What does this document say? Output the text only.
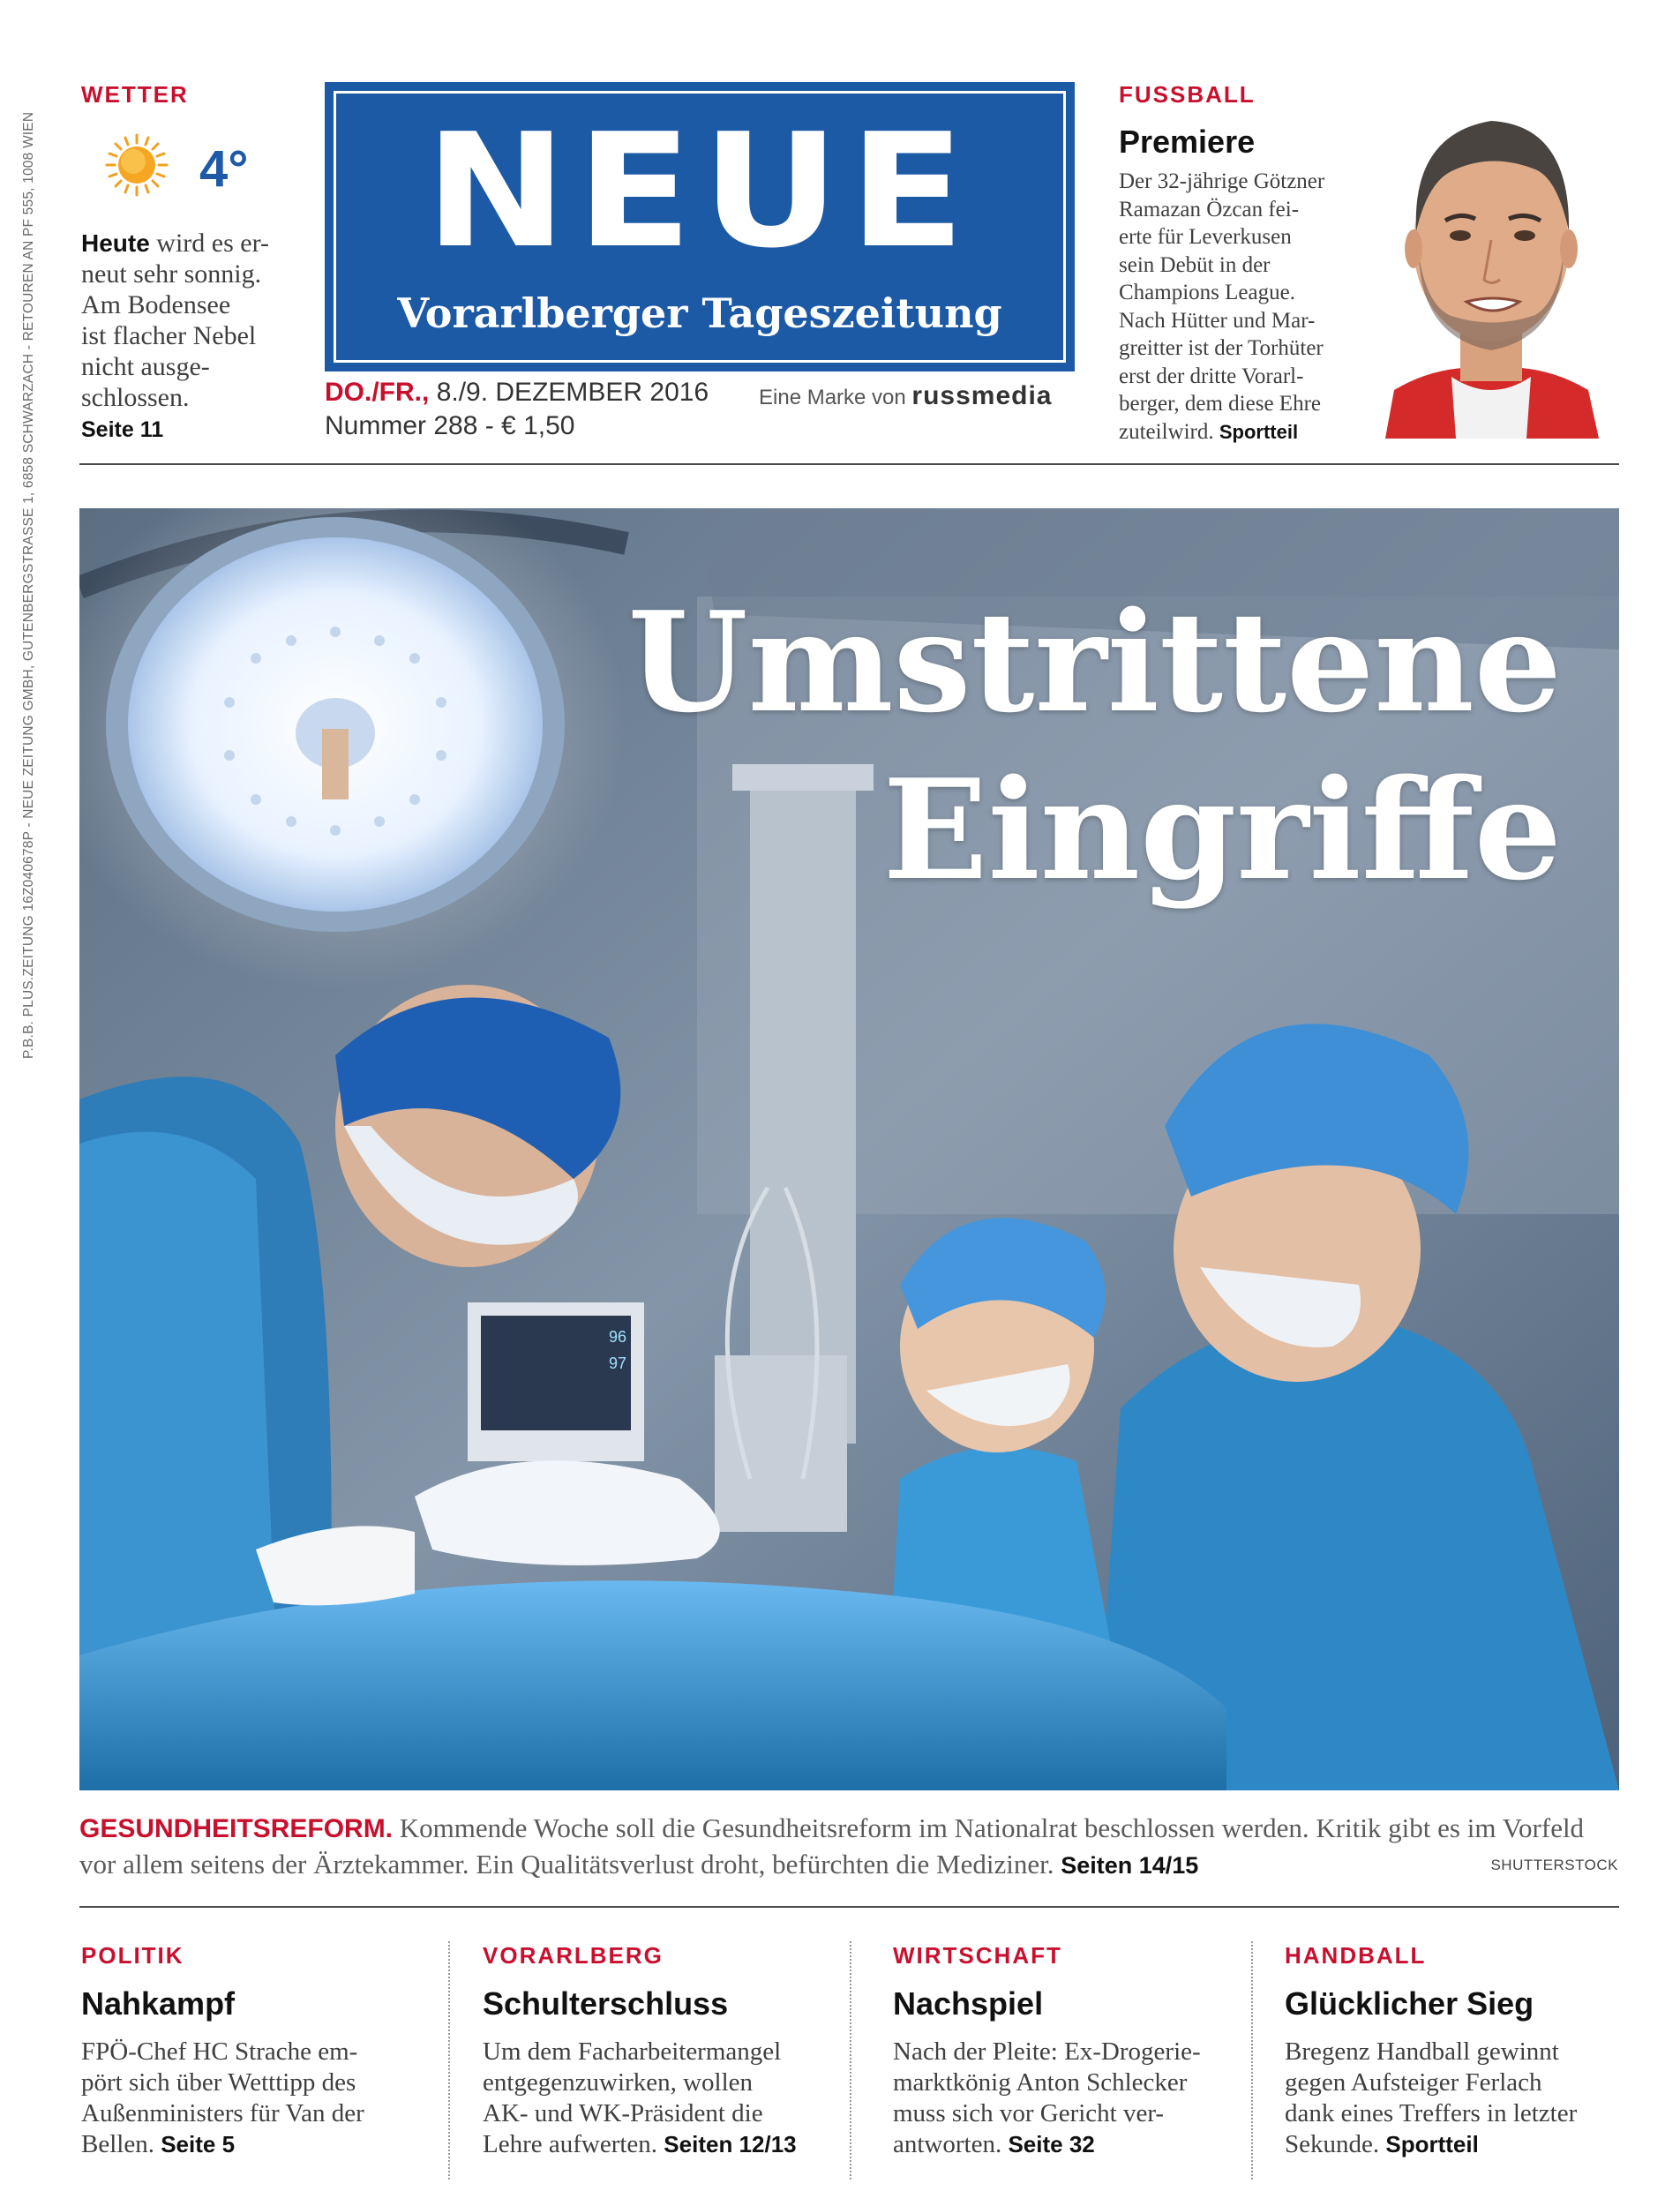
P.B.B. PLUS.ZEITUNG 16Z040678P - NEUE ZEITUNG GMBH, GUTENBERGSTRASSE 1, 6858 SCHWARZACH - RETOUREN AN PF 555, 1008 WIEN
WETTER
4°
Heute wird es er-
neut sehr sonnig.
Am Bodensee
ist flacher Nebel
nicht ausge-
schlossen.
Seite 11
NEUE
Vorarlberger Tageszeitung
DO./FR., 8./9. DEZEMBER 2016
Nummer 288 - € 1,50
Eine Marke von russmedia
FUSSBALL
Premiere
Der 32-jährige Götzner
Ramazan Özcan fei-
erte für Leverkusen
sein Debüt in der
Champions League.
Nach Hütter und Mar-
greitter ist der Torhüter
erst der dritte Vorarl-
berger, dem diese Ehre
zuteilwird. Sportteil
96
97
Umstrittene
Eingriffe
GESUNDHEITSREFORM. Kommende Woche soll die Gesundheitsreform im Nationalrat beschlossen werden. Kritik gibt es im Vorfeld vor allem seitens der Ärztekammer. Ein Qualitätsverlust droht, befürchten die Mediziner. Seiten 14/15	SHUTTERSTOCK
POLITIK
Nahkampf
FPÖ-Chef HC Strache em-
pört sich über Wetttipp des
Außenministers für Van der
Bellen. Seite 5
VORARLBERG
Schulterschluss
Um dem Facharbeitermangel
entgegenzuwirken, wollen
AK- und WK-Präsident die
Lehre aufwerten. Seiten 12/13
WIRTSCHAFT
Nachspiel
Nach der Pleite: Ex-Drogerie-
marktkönig Anton Schlecker
muss sich vor Gericht ver-
antworten. Seite 32
HANDBALL
Glücklicher Sieg
Bregenz Handball gewinnt
gegen Aufsteiger Ferlach
dank eines Treffers in letzter
Sekunde. Sportteil
